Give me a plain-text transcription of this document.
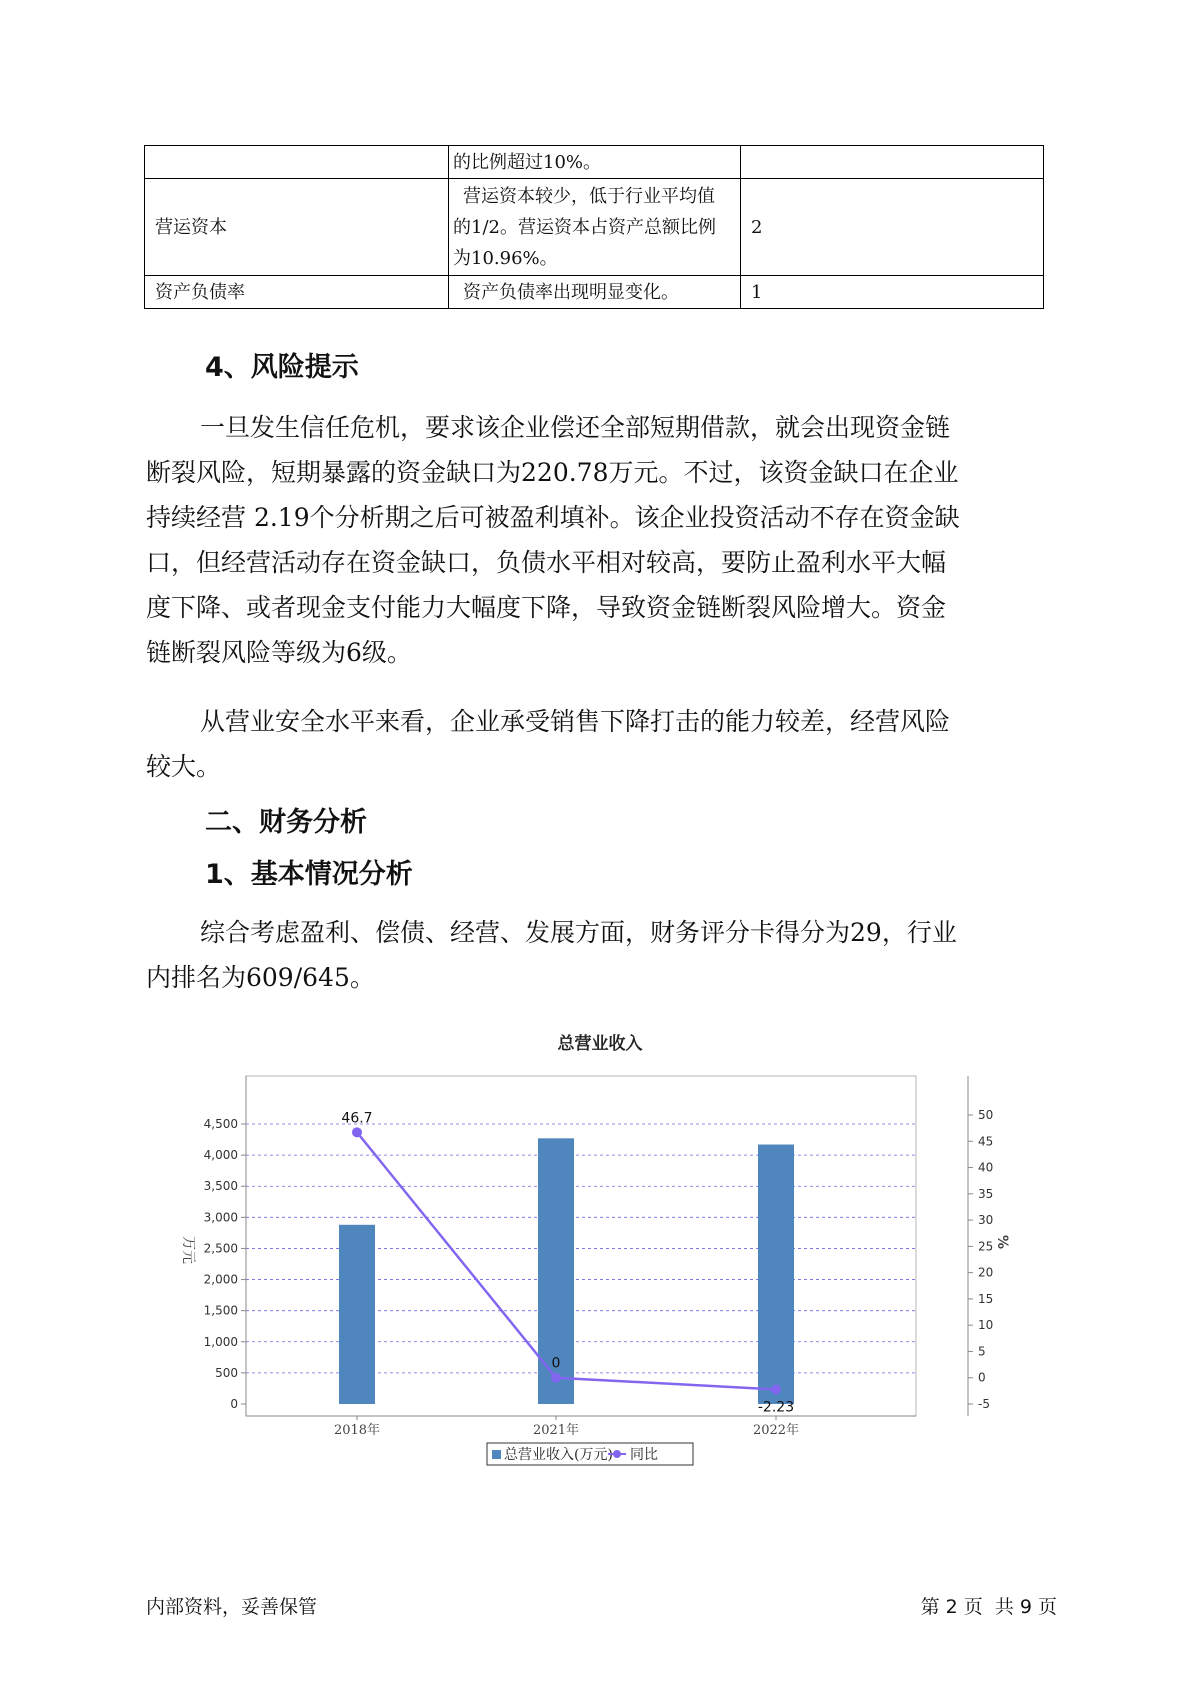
	的比例超过10%。	

营运资本	营运资本较少，低于行业平均值
的1/2。营运资本占资产总额比例
为10.96%。	2
资产负债率	资产负债率出现明显变化。	1
4、风险提示
一旦发生信任危机，要求该企业偿还全部短期借款，就会出现资金链
断裂风险，短期暴露的资金缺口为220.78万元。不过，该资金缺口在企业
持续经营 2.19个分析期之后可被盈利填补。该企业投资活动不存在资金缺
口，但经营活动存在资金缺口，负债水平相对较高，要防止盈利水平大幅
度下降、或者现金支付能力大幅度下降，导致资金链断裂风险增大。资金
链断裂风险等级为6级。
从营业安全水平来看，企业承受销售下降打击的能力较差，经营风险
较大。
二、财务分析
1、基本情况分析
综合考虑盈利、偿债、经营、发展方面，财务评分卡得分为29，行业
内排名为609/645。
总营业收入
0
500
1,000
1,500
2,000
2,500
3,000
3,500
4,000
4,500
-5
0
5
10
15
20
25
30
35
40
45
50
万元	%
2018年	2021年	2022年
46.7
0
-2.23
总营业收入(万元) 同比
内部资料，妥善保管	第 2 页  共 9 页
